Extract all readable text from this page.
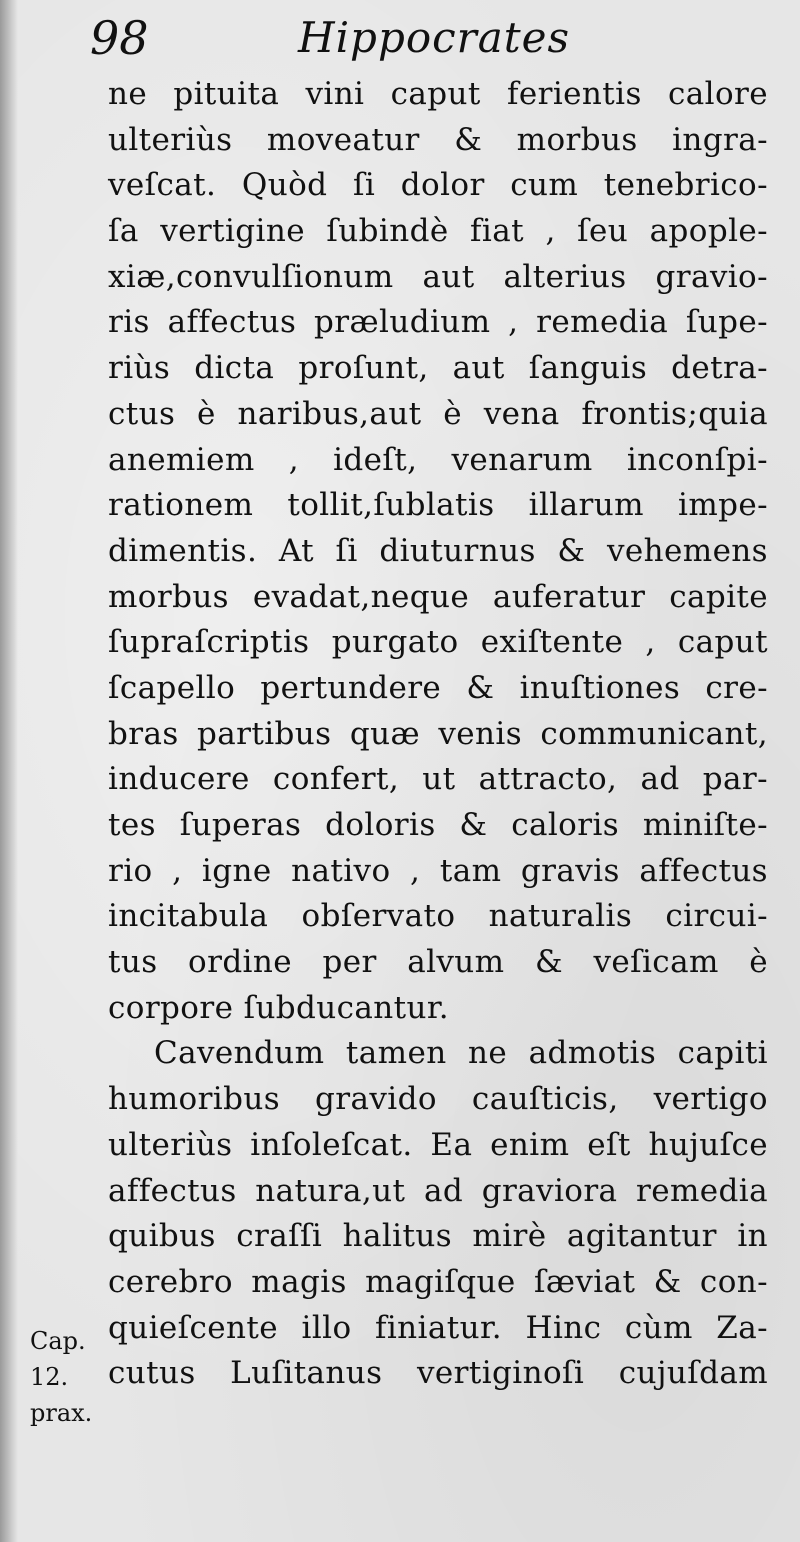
98	Hippocrates
ne pituita vini caput ferientis calore
ulteriùs moveatur & morbus ingra-
veſcat. Quòd ſi dolor cum tenebrico-
ſa vertigine ſubindè fiat , ſeu apople-
xiæ,convulſionum aut alterius gravio-
ris affectus præludium , remedia ſupe-
riùs dicta proſunt, aut ſanguis detra-
ctus è naribus,aut è vena frontis;quia
anemiem , ideſt, venarum inconſpi-
rationem tollit,ſublatis illarum impe-
dimentis. At ſi diuturnus & vehemens
morbus evadat,neque auferatur capite
ſupraſcriptis purgato exiſtente , caput
ſcapello pertundere & inuſtiones cre-
bras partibus quæ venis communicant,
inducere confert, ut attracto, ad par-
tes ſuperas doloris & caloris miniſte-
rio , igne nativo , tam gravis affectus
incitabula obſervato naturalis circui-
tus ordine per alvum & veſicam è
corpore ſubducantur.
Cavendum tamen ne admotis capiti
humoribus gravido cauſticis, vertigo
ulteriùs inſoleſcat. Ea enim eſt hujuſce
affectus natura,ut ad graviora remedia
quibus craſſi halitus mirè agitantur in
cerebro magis magiſque ſæviat & con-
quieſcente illo finiatur. Hinc cùm Za-
cutus Luſitanus vertiginoſi cujuſdam
Cap.
12.
prax.
